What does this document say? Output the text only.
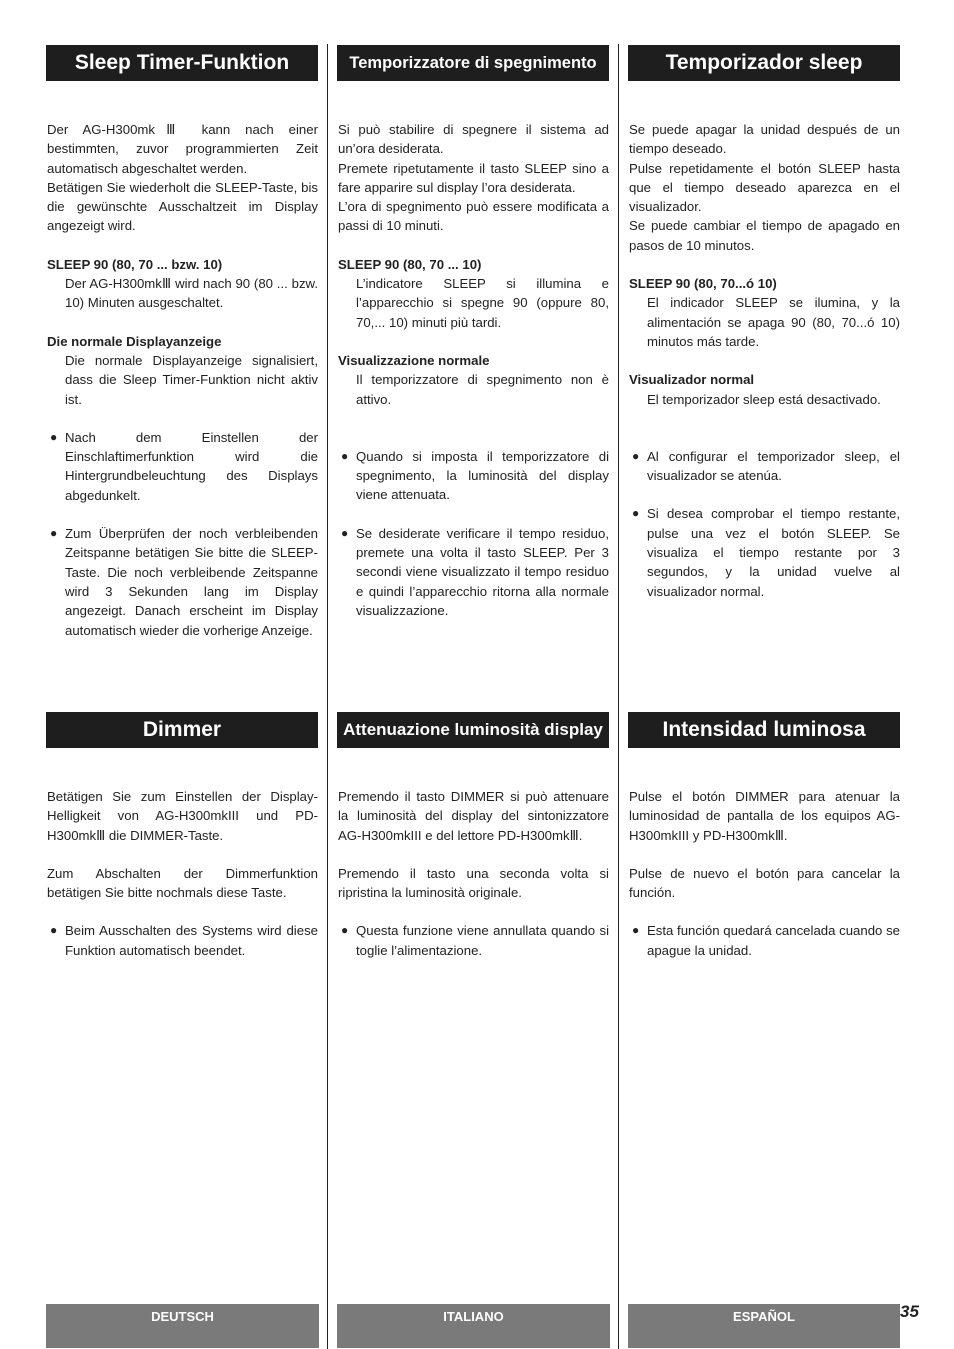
Sleep Timer-Funktion

Der AG-H300mkⅢ kann nach einer bestimmten, zuvor programmierten Zeit automatisch abgeschaltet werden.

Betätigen Sie wiederholt die SLEEP-Taste, bis die gewünschte Ausschaltzeit im Display angezeigt wird.

SLEEP 90 (80, 70 ... bzw. 10)

Der AG-H300mkⅢ wird nach 90 (80 ... bzw. 10) Minuten ausgeschaltet.

Die normale Displayanzeige

Die normale Displayanzeige signalisiert, dass die Sleep Timer-Funktion nicht aktiv ist.

● Nach dem Einstellen der Einschlaftimerfunktion wird die Hintergrundbeleuchtung des Displays abgedunkelt.

● Zum Überprüfen der noch verbleibenden Zeitspanne betätigen Sie bitte die SLEEP-Taste. Die noch verbleibende Zeitspanne wird 3 Sekunden lang im Display angezeigt. Danach erscheint im Display automatisch wieder die vorherige Anzeige.

Dimmer

Betätigen Sie zum Einstellen der Display-Helligkeit von AG-H300mkIII und PD-H300mkⅢ die DIMMER-Taste.

Zum Abschalten der Dimmerfunktion betätigen Sie bitte nochmals diese Taste.

● Beim Ausschalten des Systems wird diese Funktion automatisch beendet.

Temporizzatore di spegnimento

Si può stabilire di spegnere il sistema ad un’ora desiderata.

Premete ripetutamente il tasto SLEEP sino a fare apparire sul display l’ora desiderata.

L’ora di spegnimento può essere modificata a passi di 10 minuti.

SLEEP 90 (80, 70 ... 10)

L’indicatore SLEEP si illumina e l’apparecchio si spegne 90 (oppure 80, 70,... 10) minuti più tardi.

Visualizzazione normale

Il temporizzatore di spegnimento non è attivo.

● Quando si imposta il temporizzatore di spegnimento, la luminosità del display viene attenuata.

● Se desiderate verificare il tempo residuo, premete una volta il tasto SLEEP. Per 3 secondi viene visualizzato il tempo residuo e quindi l’apparecchio ritorna alla normale visualizzazione.

Attenuazione luminosità display

Premendo il tasto DIMMER si può attenuare la luminosità del display del sintonizzatore AG-H300mkIII e del lettore PD-H300mkⅢ.

Premendo il tasto una seconda volta si ripristina la luminosità originale.

● Questa funzione viene annullata quando si toglie l’alimentazione.

Temporizador sleep

Se puede apagar la unidad después de un tiempo deseado.

Pulse repetidamente el botón SLEEP hasta que el tiempo deseado aparezca en el visualizador.

Se puede cambiar el tiempo de apagado en pasos de 10 minutos.

SLEEP 90 (80, 70...ó 10)

El indicador SLEEP se ilumina, y la alimentación se apaga 90 (80, 70...ó 10) minutos más tarde.

Visualizador normal

El temporizador sleep está desactivado.

● Al configurar el temporizador sleep, el visualizador se atenúa.

● Si desea comprobar el tiempo restante, pulse una vez el botón SLEEP. Se visualiza el tiempo restante por 3 segundos, y la unidad vuelve al visualizador normal.

Intensidad luminosa

Pulse el botón DIMMER para atenuar la luminosidad de pantalla de los equipos AG-H300mkIII y PD-H300mkⅢ.

Pulse de nuevo el botón para cancelar la función.

● Esta función quedará cancelada cuando se apague la unidad.

DEUTSCH	ITALIANO	ESPAÑOL	35
